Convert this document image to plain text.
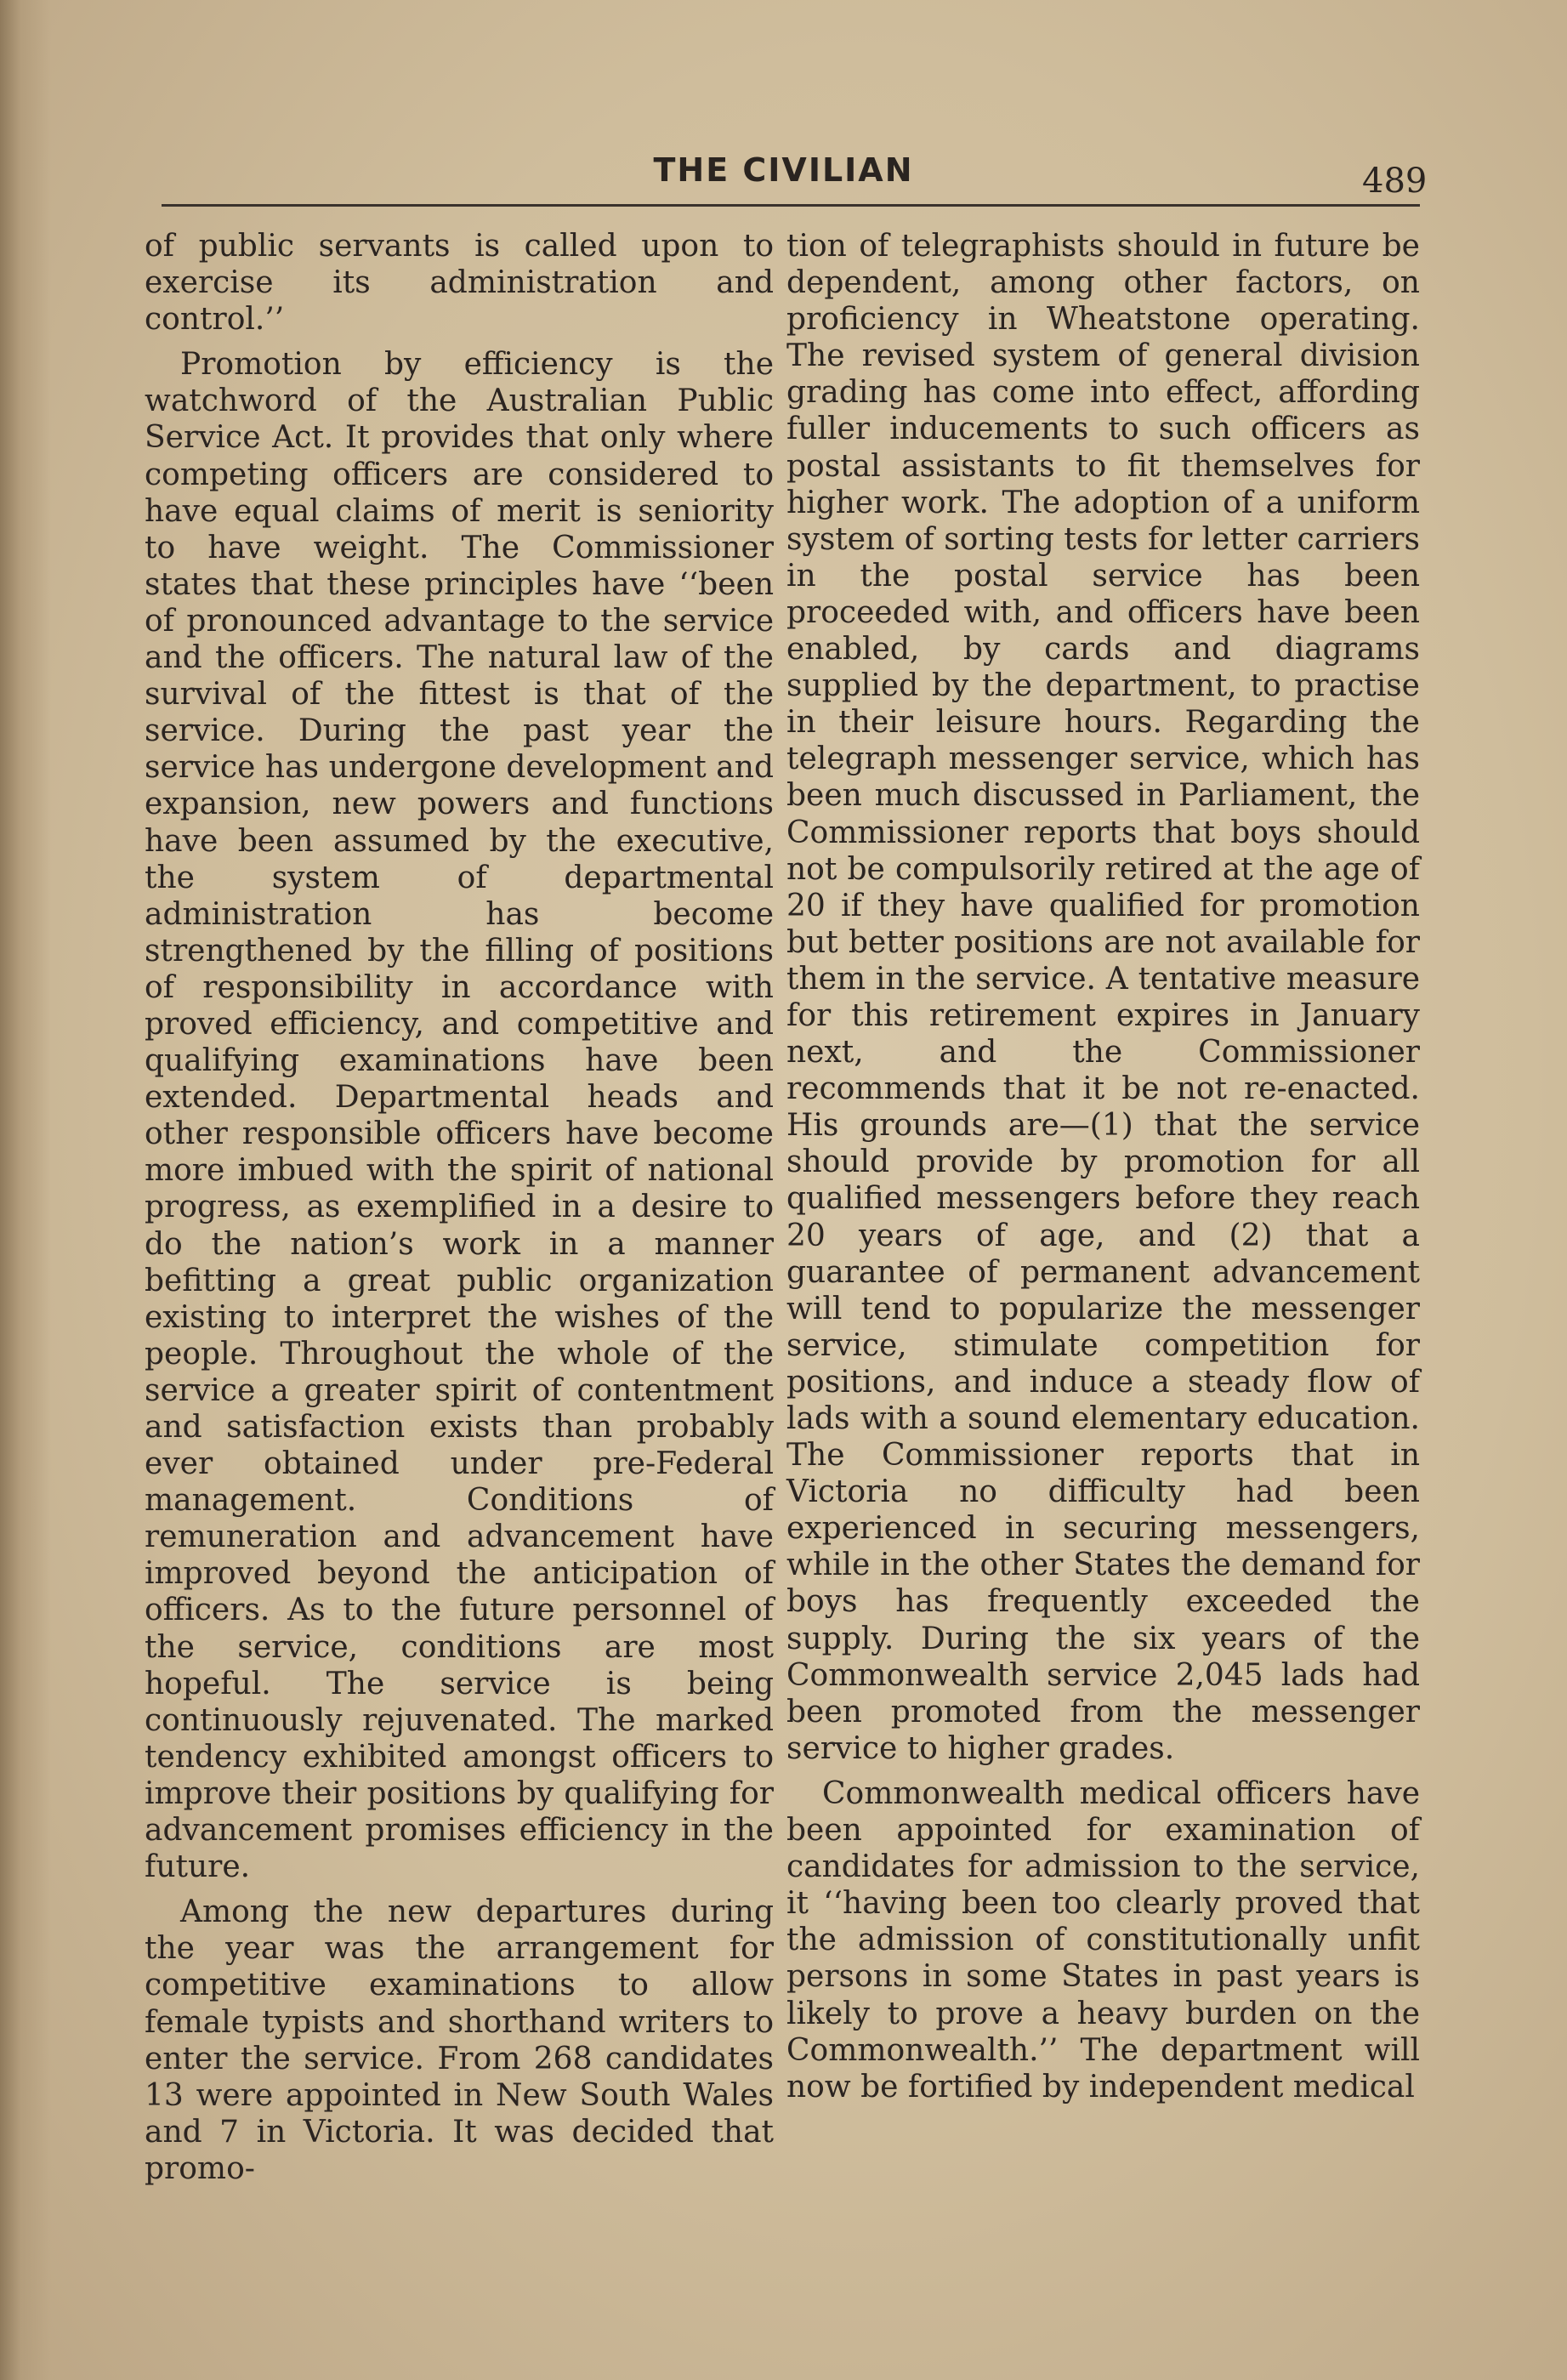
THE CIVILIAN	489

of public servants is called upon to exercise its administration and control.’’

Promotion by efficiency is the watchword of the Australian Public Service Act. It provides that only where competing officers are considered to have equal claims of merit is seniority to have weight. The Commissioner states that these principles have ‘‘been of pronounced advantage to the service and the officers. The natural law of the survival of the fittest is that of the service. During the past year the service has undergone development and expansion, new powers and functions have been assumed by the executive, the system of departmental administration has become strengthened by the filling of positions of responsibility in accordance with proved efficiency, and competitive and qualifying examinations have been extended. Departmental heads and other responsible officers have become more imbued with the spirit of national progress, as exemplified in a desire to do the nation’s work in a manner befitting a great public organization existing to interpret the wishes of the people. Throughout the whole of the service a greater spirit of contentment and satisfaction exists than probably ever obtained under pre-Federal management. Conditions of remuneration and advancement have improved beyond the anticipation of officers. As to the future personnel of the service, conditions are most hopeful. The service is being continuously rejuvenated. The marked tendency exhibited amongst officers to improve their positions by qualifying for advancement promises efficiency in the future.

Among the new departures during the year was the arrangement for competitive examinations to allow female typists and shorthand writers to enter the service. From 268 candidates 13 were appointed in New South Wales and 7 in Victoria. It was decided that promo-

tion of telegraphists should in future be dependent, among other factors, on proficiency in Wheatstone operating. The revised system of general division grading has come into effect, affording fuller inducements to such officers as postal assistants to fit themselves for higher work. The adoption of a uniform system of sorting tests for letter carriers in the postal service has been proceeded with, and officers have been enabled, by cards and diagrams supplied by the department, to practise in their leisure hours. Regarding the telegraph messenger service, which has been much discussed in Parliament, the Commissioner reports that boys should not be compulsorily retired at the age of 20 if they have qualified for promotion but better positions are not available for them in the service. A tentative measure for this retirement expires in January next, and the Commissioner recommends that it be not re-enacted. His grounds are—(1) that the service should provide by promotion for all qualified messengers before they reach 20 years of age, and (2) that a guarantee of permanent advancement will tend to popularize the messenger service, stimulate competition for positions, and induce a steady flow of lads with a sound elementary education. The Commissioner reports that in Victoria no difficulty had been experienced in securing messengers, while in the other States the demand for boys has frequently exceeded the supply. During the six years of the Commonwealth service 2,045 lads had been promoted from the messenger service to higher grades.

Commonwealth medical officers have been appointed for examination of candidates for admission to the service, it ‘‘having been too clearly proved that the admission of constitutionally unfit persons in some States in past years is likely to prove a heavy burden on the Commonwealth.’’ The department will now be fortified by independent medical
